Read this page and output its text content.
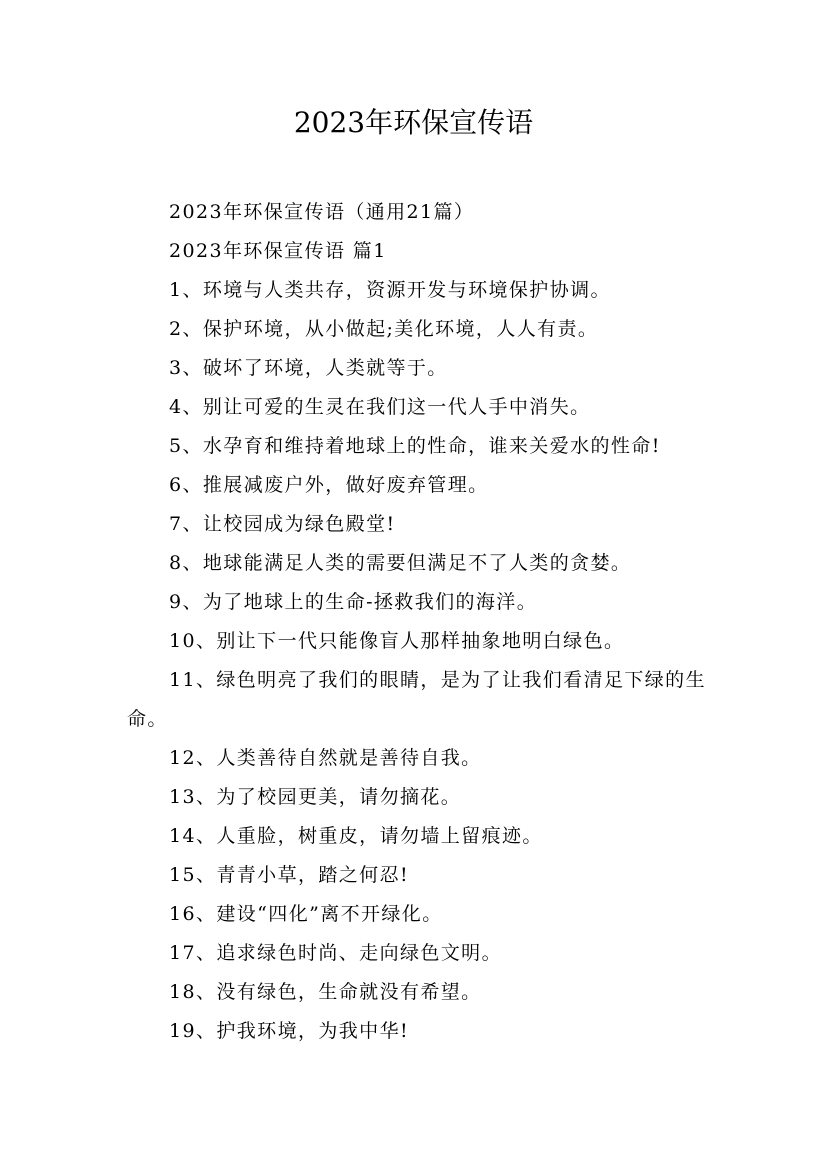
2023年环保宣传语

2023年环保宣传语（通用21篇）

2023年环保宣传语 篇1

1、环境与人类共存，资源开发与环境保护协调。

2、保护环境，从小做起;美化环境，人人有责。

3、破坏了环境，人类就等于。

4、别让可爱的生灵在我们这一代人手中消失。

5、水孕育和维持着地球上的性命，谁来关爱水的性命!

6、推展减废户外，做好废弃管理。

7、让校园成为绿色殿堂!

8、地球能满足人类的需要但满足不了人类的贪婪。

9、为了地球上的生命-拯救我们的海洋。

10、别让下一代只能像盲人那样抽象地明白绿色。

11、绿色明亮了我们的眼睛，是为了让我们看清足下绿的生命。

12、人类善待自然就是善待自我。

13、为了校园更美，请勿摘花。

14、人重脸，树重皮，请勿墙上留痕迹。

15、青青小草，踏之何忍!

16、建设“四化”离不开绿化。

17、追求绿色时尚、走向绿色文明。

18、没有绿色，生命就没有希望。

19、护我环境，为我中华!
